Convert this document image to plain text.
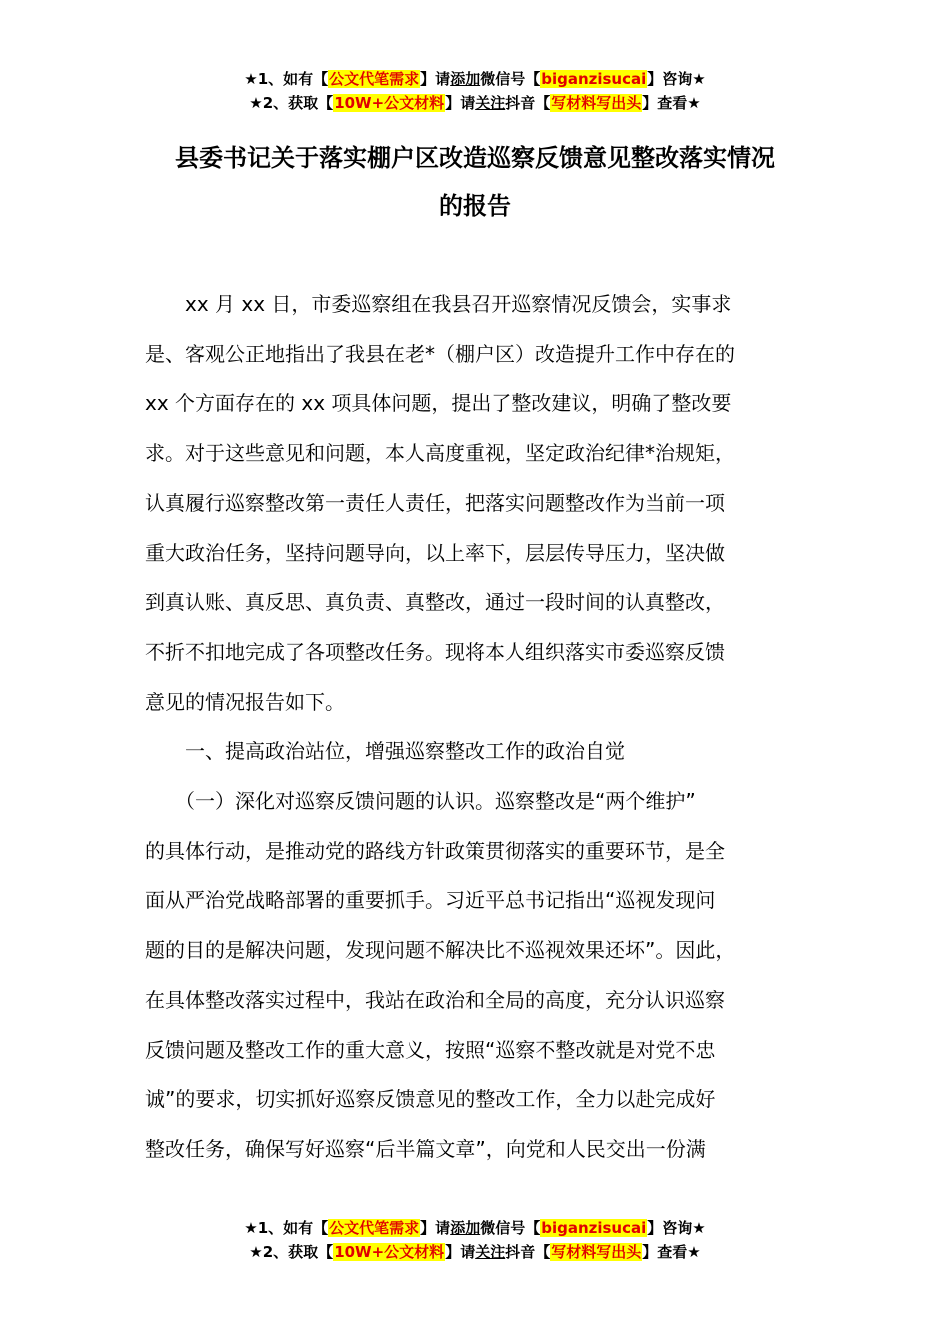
★1、如有【公文代笔需求】请添加微信号【biganzisucai】咨询★
★2、获取【10W+公文材料】请关注抖音【写材料写出头】查看★
县委书记关于落实棚户区改造巡察反馈意见整改落实情况
的报告
　　xx 月 xx 日，市委巡察组在我县召开巡察情况反馈会，实事求
是、客观公正地指出了我县在老*（棚户区）改造提升工作中存在的
xx 个方面存在的 xx 项具体问题，提出了整改建议，明确了整改要
求。对于这些意见和问题，本人高度重视，坚定政治纪律*治规矩，
认真履行巡察整改第一责任人责任，把落实问题整改作为当前一项
重大政治任务，坚持问题导向，以上率下，层层传导压力，坚决做
到真认账、真反思、真负责、真整改，通过一段时间的认真整改，
不折不扣地完成了各项整改任务。现将本人组织落实市委巡察反馈
意见的情况报告如下。
　　一、提高政治站位，增强巡察整改工作的政治自觉
　　（一）深化对巡察反馈问题的认识。巡察整改是“两个维护”
的具体行动，是推动党的路线方针政策贯彻落实的重要环节，是全
面从严治党战略部署的重要抓手。习近平总书记指出“巡视发现问
题的目的是解决问题，发现问题不解决比不巡视效果还坏”。因此，
在具体整改落实过程中，我站在政治和全局的高度，充分认识巡察
反馈问题及整改工作的重大意义，按照“巡察不整改就是对党不忠
诚”的要求，切实抓好巡察反馈意见的整改工作，全力以赴完成好
整改任务，确保写好巡察“后半篇文章”，向党和人民交出一份满
★1、如有【公文代笔需求】请添加微信号【biganzisucai】咨询★
★2、获取【10W+公文材料】请关注抖音【写材料写出头】查看★
